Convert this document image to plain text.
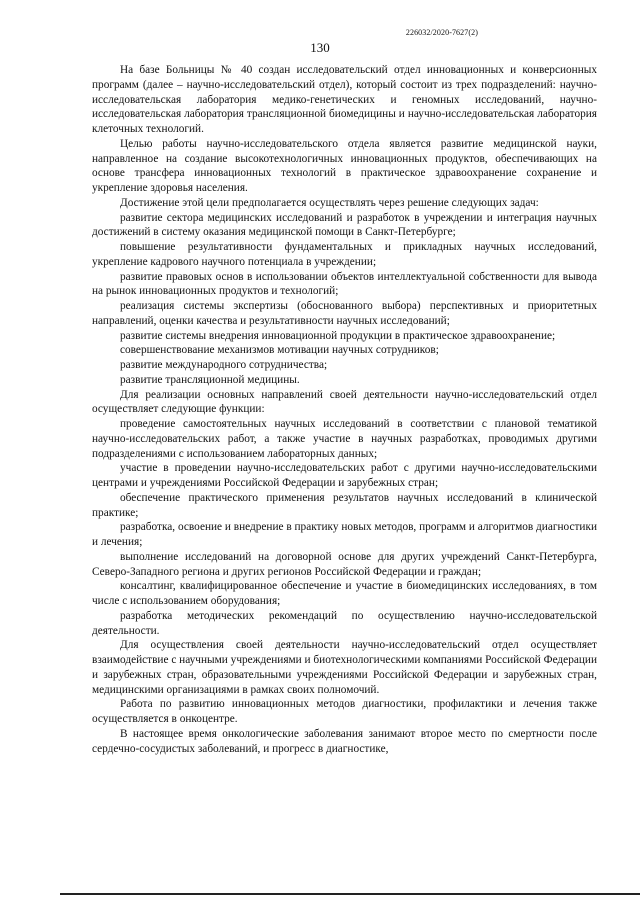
226032/2020-7627(2)
130

На базе Больницы № 40 создан исследовательский отдел инновационных и конверсионных программ (далее – научно-исследовательский отдел), который состоит из трех подразделений: научно-исследовательская лаборатория медико-генетических и геномных исследований, научно-исследовательская лаборатория трансляционной биомедицины и научно-исследовательская лаборатория клеточных технологий.

Целью работы научно-исследовательского отдела является развитие медицинской науки, направленное на создание высокотехнологичных инновационных продуктов, обеспечивающих на основе трансфера инновационных технологий в практическое здравоохранение сохранение и укрепление здоровья населения.

Достижение этой цели предполагается осуществлять через решение следующих задач:

развитие сектора медицинских исследований и разработок в учреждении и интеграция научных достижений в систему оказания медицинской помощи в Санкт-Петербурге;

повышение результативности фундаментальных и прикладных научных исследований, укрепление кадрового научного потенциала в учреждении;

развитие правовых основ в использовании объектов интеллектуальной собственности для вывода на рынок инновационных продуктов и технологий;

реализация системы экспертизы (обоснованного выбора) перспективных и приоритетных направлений, оценки качества и результативности научных исследований;

развитие системы внедрения инновационной продукции в практическое здравоохранение;

совершенствование механизмов мотивации научных сотрудников;

развитие международного сотрудничества;

развитие трансляционной медицины.

Для реализации основных направлений своей деятельности научно-исследовательский отдел осуществляет следующие функции:

проведение самостоятельных научных исследований в соответствии с плановой тематикой научно-исследовательских работ, а также участие в научных разработках, проводимых другими подразделениями с использованием лабораторных данных;

участие в проведении научно-исследовательских работ с другими научно-исследовательскими центрами и учреждениями Российской Федерации и зарубежных стран;

обеспечение практического применения результатов научных исследований в клинической практике;

разработка, освоение и внедрение в практику новых методов, программ и алгоритмов диагностики и лечения;

выполнение исследований на договорной основе для других учреждений Санкт-Петербурга, Северо-Западного региона и других регионов Российской Федерации и граждан;

консалтинг, квалифицированное обеспечение и участие в биомедицинских исследованиях, в том числе с использованием оборудования;

разработка методических рекомендаций по осуществлению научно-исследовательской деятельности.

Для осуществления своей деятельности научно-исследовательский отдел осуществляет взаимодействие с научными учреждениями и биотехнологическими компаниями Российской Федерации и зарубежных стран, образовательными учреждениями Российской Федерации и зарубежных стран, медицинскими организациями в рамках своих полномочий.

Работа по развитию инновационных методов диагностики, профилактики и лечения также осуществляется в онкоцентре.

В настоящее время онкологические заболевания занимают второе место по смертности после сердечно-сосудистых заболеваний, и прогресс в диагностике,
